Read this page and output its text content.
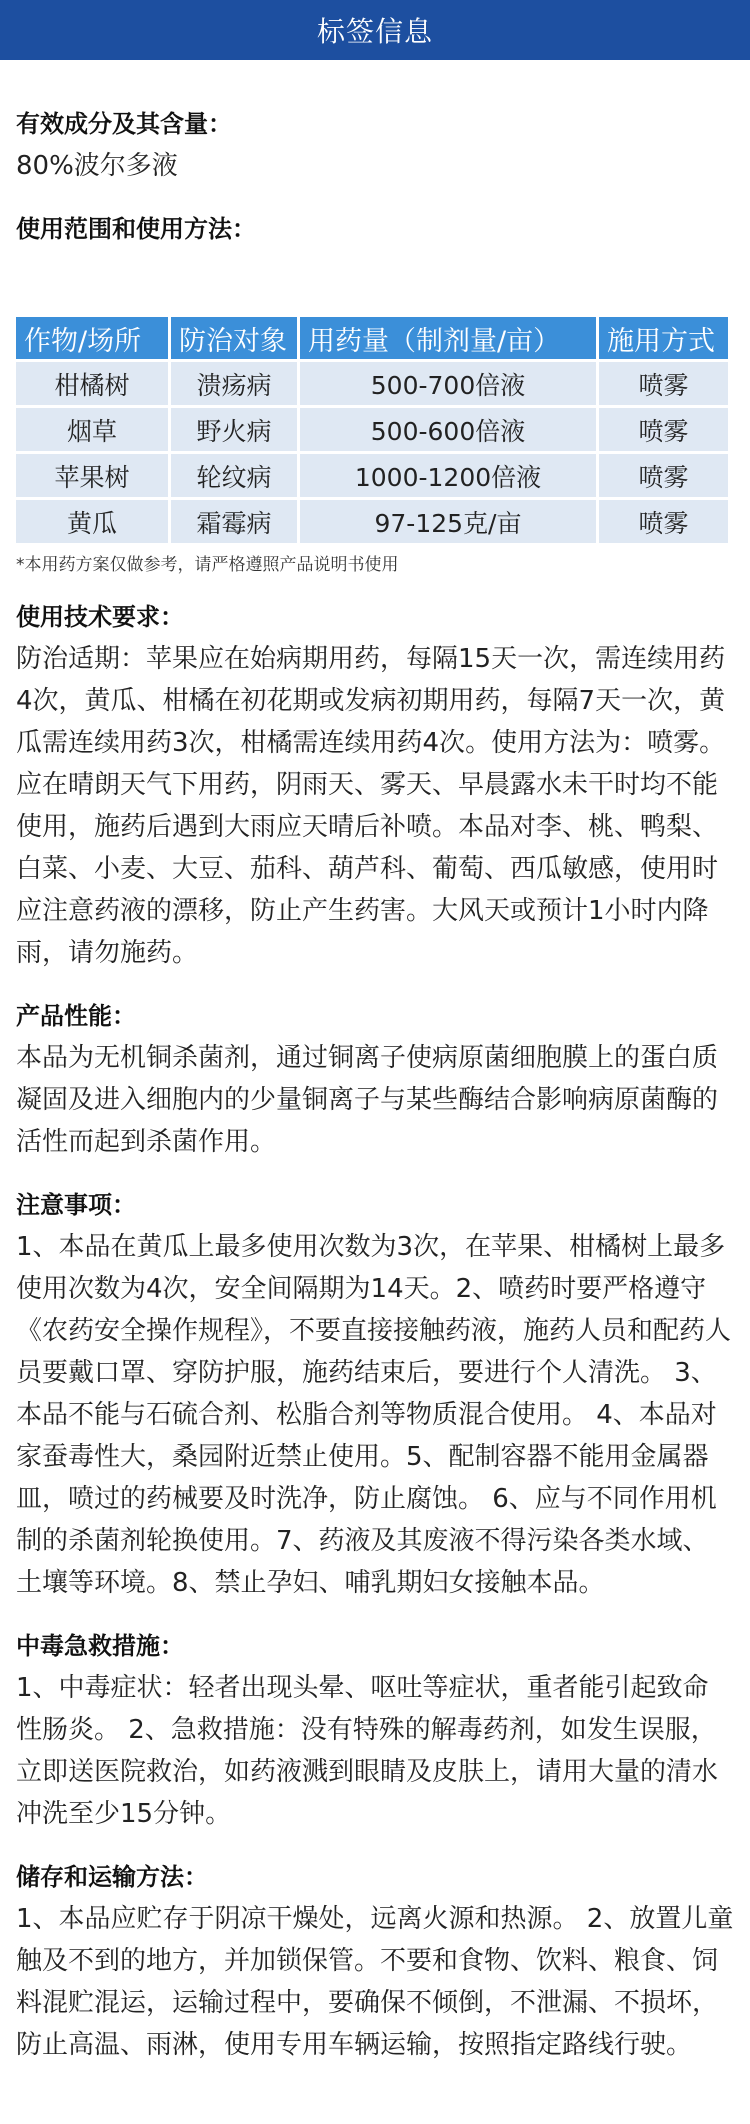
标签信息
有效成分及其含量：
80%波尔多液
使用范围和使用方法：
作物/场所	防治对象	用药量（制剂量/亩）	施用方式
柑橘树	溃疡病	500-700倍液	喷雾
烟草	野火病	500-600倍液	喷雾
苹果树	轮纹病	1000-1200倍液	喷雾
黄瓜	霜霉病	97-125克/亩	喷雾
*本用药方案仅做参考，请严格遵照产品说明书使用
使用技术要求：
防治适期：苹果应在始病期用药，每隔15天一次，需连续用药4次，黄瓜、柑橘在初花期或发病初期用药，每隔7天一次，黄瓜需连续用药3次，柑橘需连续用药4次。使用方法为：喷雾。应在晴朗天气下用药，阴雨天、雾天、早晨露水未干时均不能使用，施药后遇到大雨应天晴后补喷。本品对李、桃、鸭梨、白菜、小麦、大豆、茄科、葫芦科、葡萄、西瓜敏感，使用时应注意药液的漂移，防止产生药害。大风天或预计1小时内降雨，请勿施药。
产品性能：
本品为无机铜杀菌剂，通过铜离子使病原菌细胞膜上的蛋白质凝固及进入细胞内的少量铜离子与某些酶结合影响病原菌酶的活性而起到杀菌作用。
注意事项：
1、本品在黄瓜上最多使用次数为3次，在苹果、柑橘树上最多使用次数为4次，安全间隔期为14天。2、喷药时要严格遵守《农药安全操作规程》，不要直接接触药液，施药人员和配药人员要戴口罩、穿防护服，施药结束后，要进行个人清洗。 3、本品不能与石硫合剂、松脂合剂等物质混合使用。 4、本品对家蚕毒性大，桑园附近禁止使用。5、配制容器不能用金属器皿，喷过的药械要及时洗净，防止腐蚀。 6、应与不同作用机制的杀菌剂轮换使用。7、药液及其废液不得污染各类水域、土壤等环境。8、禁止孕妇、哺乳期妇女接触本品。
中毒急救措施：
1、中毒症状：轻者出现头晕、呕吐等症状，重者能引起致命性肠炎。 2、急救措施：没有特殊的解毒药剂，如发生误服，立即送医院救治，如药液溅到眼睛及皮肤上，请用大量的清水冲洗至少15分钟。
储存和运输方法：
1、本品应贮存于阴凉干燥处，远离火源和热源。 2、放置儿童触及不到的地方，并加锁保管。不要和食物、饮料、粮食、饲料混贮混运，运输过程中，要确保不倾倒，不泄漏、不损坏，防止高温、雨淋，使用专用车辆运输，按照指定路线行驶。
